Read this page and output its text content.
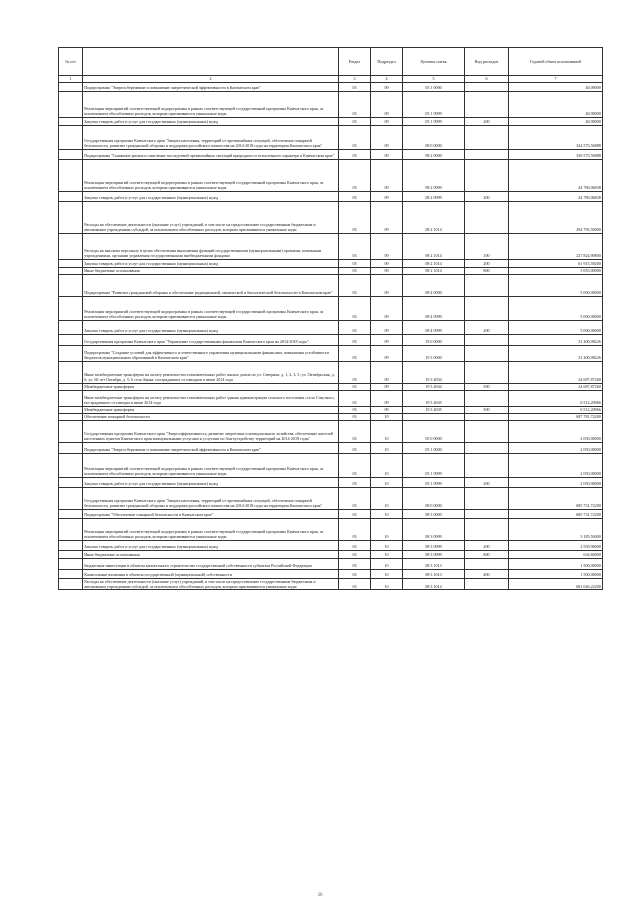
№ п/п		Раздел	Подраздел	Целевая статья	Вид расходов	Годовой объем ассигнований
1	2	3	4	5	6	7
	Подпрограмма "Энергосбережение и повышение энергетической эффективности в Камчатском крае"	03	09	05 1 0000		40,00000
	Реализация мероприятий соответствующей подпрограммы в рамках соответствующей государственной программы Камчатского края, за исключением обособленных расходов, которым присваиваются уникальные коды	03	09	05 1 0999		40,00000
	Закупка товаров, работ и услуг для государственных (муниципальных) нужд	03	09	05 1 0999	200	40,00000
	Государственная программа Камчатского края "Защита населения, территорий от чрезвычайных ситуаций, обеспечение пожарной безопасности, развитие гражданской обороны и поддержка российского казачества на 2014-2018 годы на территории Камчатского края"	03	09	08 0 0000		344 575,56888
	Подпрограмма "Снижение рисков и смягчение последствий чрезвычайных ситуаций природного и техногенного характера в Камчатском крае"	03	09	08 2 0000		339 575,56888
	Реализация мероприятий соответствующей подпрограммы в рамках соответствующей государственной программы Камчатского края, за исключением обособленных расходов, которым присваиваются уникальные коды	03	09	08 2 0999		44 780,06838
	Закупка товаров, работ и услуг для государственных (муниципальных) нужд	03	09	08 2 0999	200	44 780,06838
	Расходы на обеспечение деятельности (оказание услуг) учреждений, в том числе на предоставление государственным бюджетным и автономным учреждениям субсидий, за исключением обособленных расходов, которым присваиваются уникальные коды	03	09	08 2 1014		294 795,50000
	Расходы на выплаты персоналу в целях обеспечения выполнения функций государственными (муниципальными) органами, казенными учреждениями, органами управления государственными внебюджетными фондами	03	09	08 2 1014	100	227 824,90800
	Закупка товаров, работ и услуг для государственных (муниципальных) нужд	03	09	08 2 1014	200	61 915,59200
	Иные бюджетные ассигнования	03	09	08 2 1014	800	5 055,00000
	Подпрограмма "Развитие гражданской обороны и обеспечение радиационной, химической и биологической безопасности в Камчатском крае"	03	09	08 4 0000		5 000,00000
	Реализация мероприятий соответствующей подпрограммы в рамках соответствующей государственной программы Камчатского края, за исключением обособленных расходов, которым присваиваются уникальные коды	03	09	08 4 0999		5 000,00000
	Закупка товаров, работ и услуг для государственных (муниципальных) нужд	03	09	08 4 0999	200	5 000,00000
	Государственная программа Камчатского края "Управление государственными финансами Камчатского края на 2014-2018 годы"	03	09	19 0 0000		31 200,08226
	Подпрограмма "Создание условий для эффективного и ответственного управления муниципальными финансами, повышения устойчивости бюджетов муниципальных образований в Камчатском крае"	03	09	19 3 0000		31 200,08226
	Иные межбюджетные трансферты на оплату ремонтно-восстановительных работ жилых домов по ул. Северная, д. 1, 2, 3, 5; ул. Октябрьская, д. 6; ул. 60 лет Октября, д. 5, 6 села Аянка, пострадавших от паводков в июне 2014 года	03	09	19 3 4034		24 687,87260
	Межбюджетные трансферты	03	09	19 3 4034	500	24 687,87260
	Иные межбюджетные трансферты на оплату ремонтно-восстановительных работ здания администрации сельского поселения «село Слаутное», пострадавшего от паводка в июне 2014 года	03	09	19 3 4035		6 512,20966
	Межбюджетные трансферты	03	09	19 3 4035	500	6 512,20966
	Обеспечение пожарной безопасности	03	10			687 781,72200
	Государственная программа Камчатского края "Энергоэффективность, развитие энергетики и коммунального хозяйства, обеспечение жителей населенных пунктов Камчатского края коммунальными услугами и услугами по благоустройству территорий на 2014-2018 годы"	03	10	05 0 0000		2 050,00000
	Подпрограмма "Энергосбережение и повышение энергетической эффективности в Камчатском крае"	03	10	05 1 0000		2 050,00000
	Реализация мероприятий соответствующей подпрограммы в рамках соответствующей государственной программы Камчатского края, за исключением обособленных расходов, которым присваиваются уникальные коды	03	10	05 1 0999		2 050,00000
	Закупка товаров, работ и услуг для государственных (муниципальных) нужд	03	10	05 1 0999	200	2 050,00000
	Государственная программа Камчатского края "Защита населения, территорий от чрезвычайных ситуаций, обеспечение пожарной безопасности, развитие гражданской обороны и поддержка российского казачества на 2014-2018 годы на территории Камчатского края"	03	10	08 0 0000		685 731,72200
	Подпрограмма "Обеспечение пожарной безопасности в Камчатском крае"	03	10	08 3 0000		685 731,72200
	Реализация мероприятий соответствующей подпрограммы в рамках соответствующей государственной программы Камчатского края, за исключением обособленных расходов, которым присваиваются уникальные коды	03	10	08 3 0999		3 185,50000
	Закупка товаров, работ и услуг для государственных (муниципальных) нужд	03	10	08 3 0999	200	2 550,90000
	Иные бюджетные ассигнования	03	10	08 3 0999	800	634,60000
	Бюджетные инвестиции в объекты капитального строительства государственной собственности субъектов Российской Федерации	03	10	08 3 1013		1 500,00000
	Капитальные вложения в объекты государственной (муниципальной) собственности	03	10	08 3 1013	400	1 500,00000
	Расходы на обеспечение деятельности (оказание услуг) учреждений, в том числе на предоставление государственным бюджетным и автономным учреждениям субсидий, за исключением обособленных расходов, которым присваиваются уникальные коды	03	10	08 3 1014		681 046,22200
30
